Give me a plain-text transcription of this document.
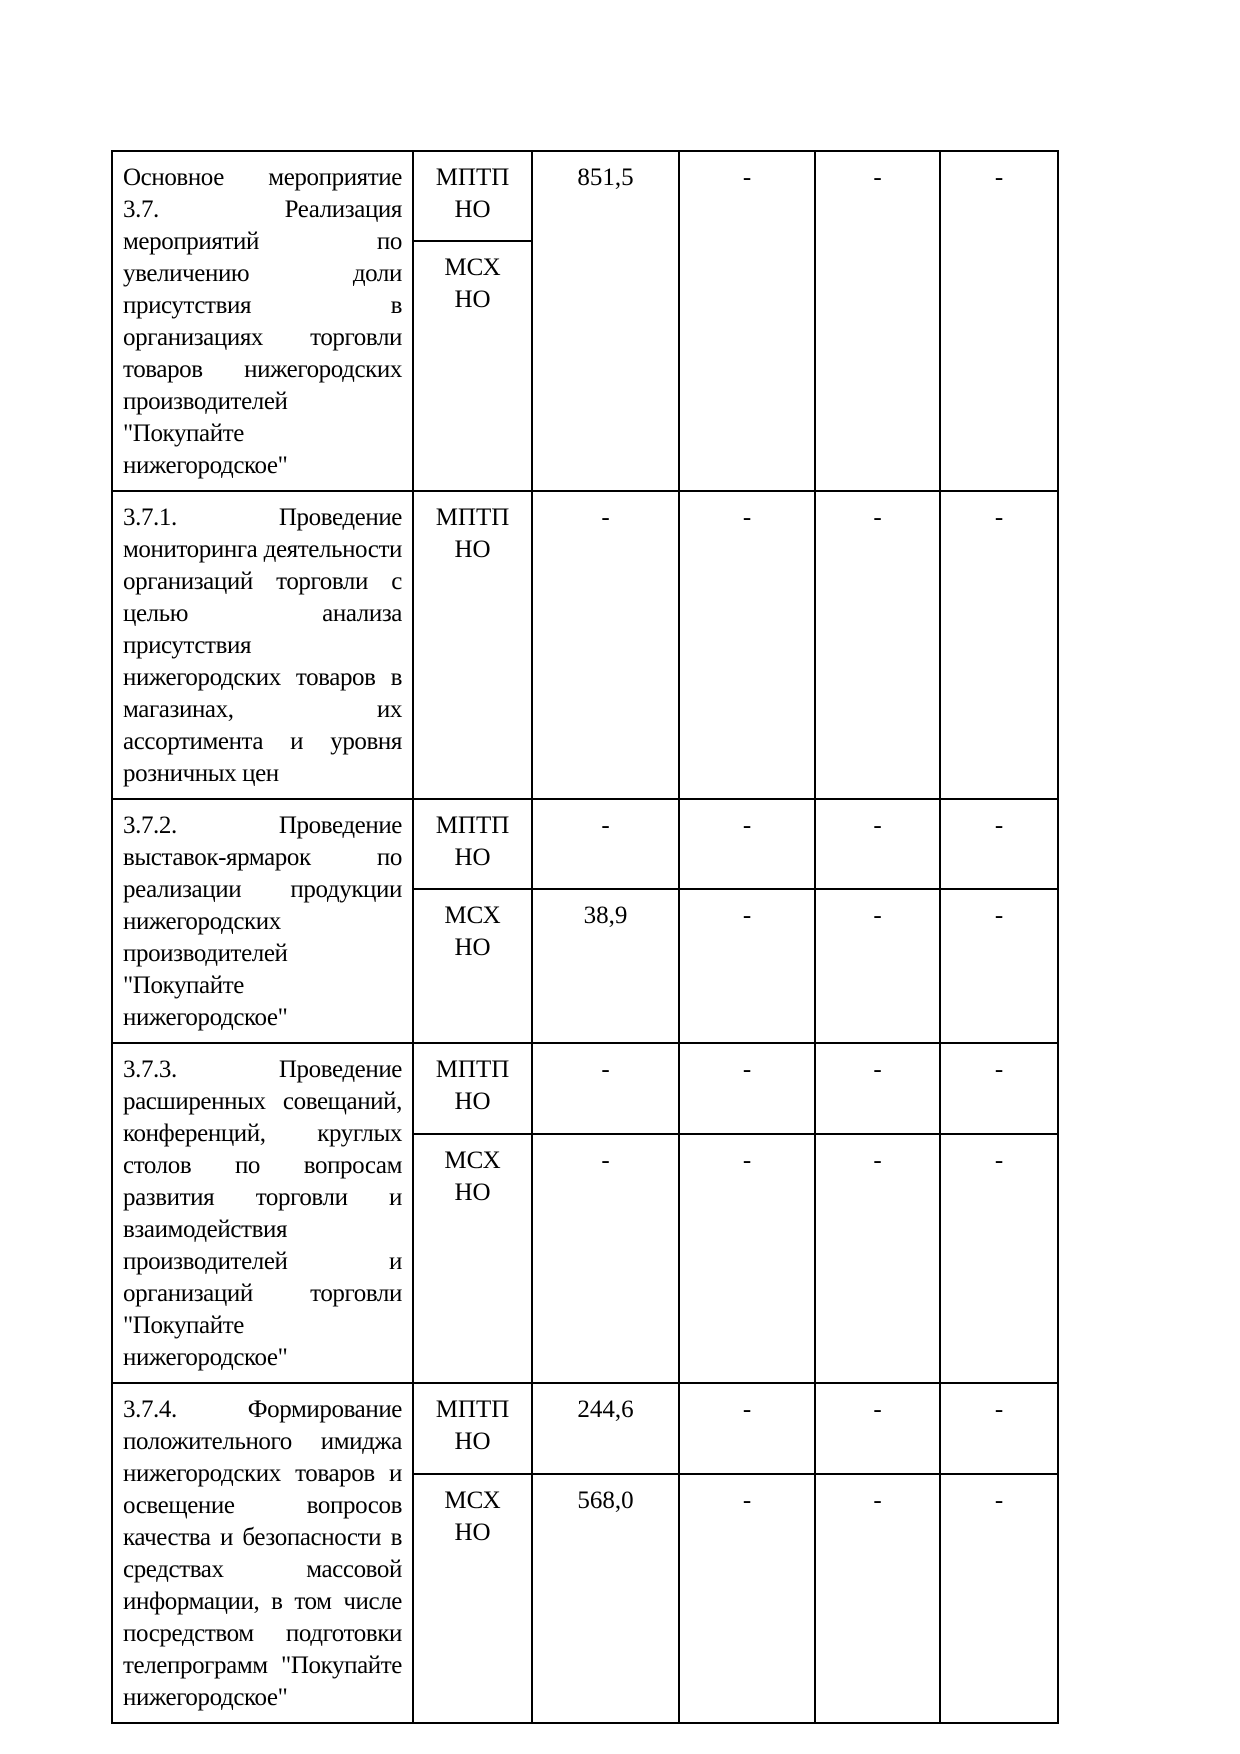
Основное мероприятие 3.7. Реализация мероприятий по увеличению доли присутствия в организациях торговли товаров нижегородских производителей "Покупайте нижегородское"	МПТП НО	851,5	-	-	-
	МСХ НО				
3.7.1. Проведение мониторинга деятельности организаций торговли с целью анализа присутствия нижегородских товаров в магазинах, их ассортимента и уровня розничных цен	МПТП НО	-	-	-	-
3.7.2. Проведение выставок-ярмарок по реализации продукции нижегородских производителей "Покупайте нижегородское"	МПТП НО	-	-	-	-
	МСХ НО	38,9	-	-	-
3.7.3. Проведение расширенных совещаний, конференций, круглых столов по вопросам развития торговли и взаимодействия производителей и организаций торговли "Покупайте нижегородское"	МПТП НО	-	-	-	-
	МСХ НО	-	-	-	-
3.7.4. Формирование положительного имиджа нижегородских товаров и освещение вопросов качества и безопасности в средствах массовой информации, в том числе посредством подготовки телепрограмм "Покупайте нижегородское"	МПТП НО	244,6	-	-	-
	МСХ НО	568,0	-	-	-
